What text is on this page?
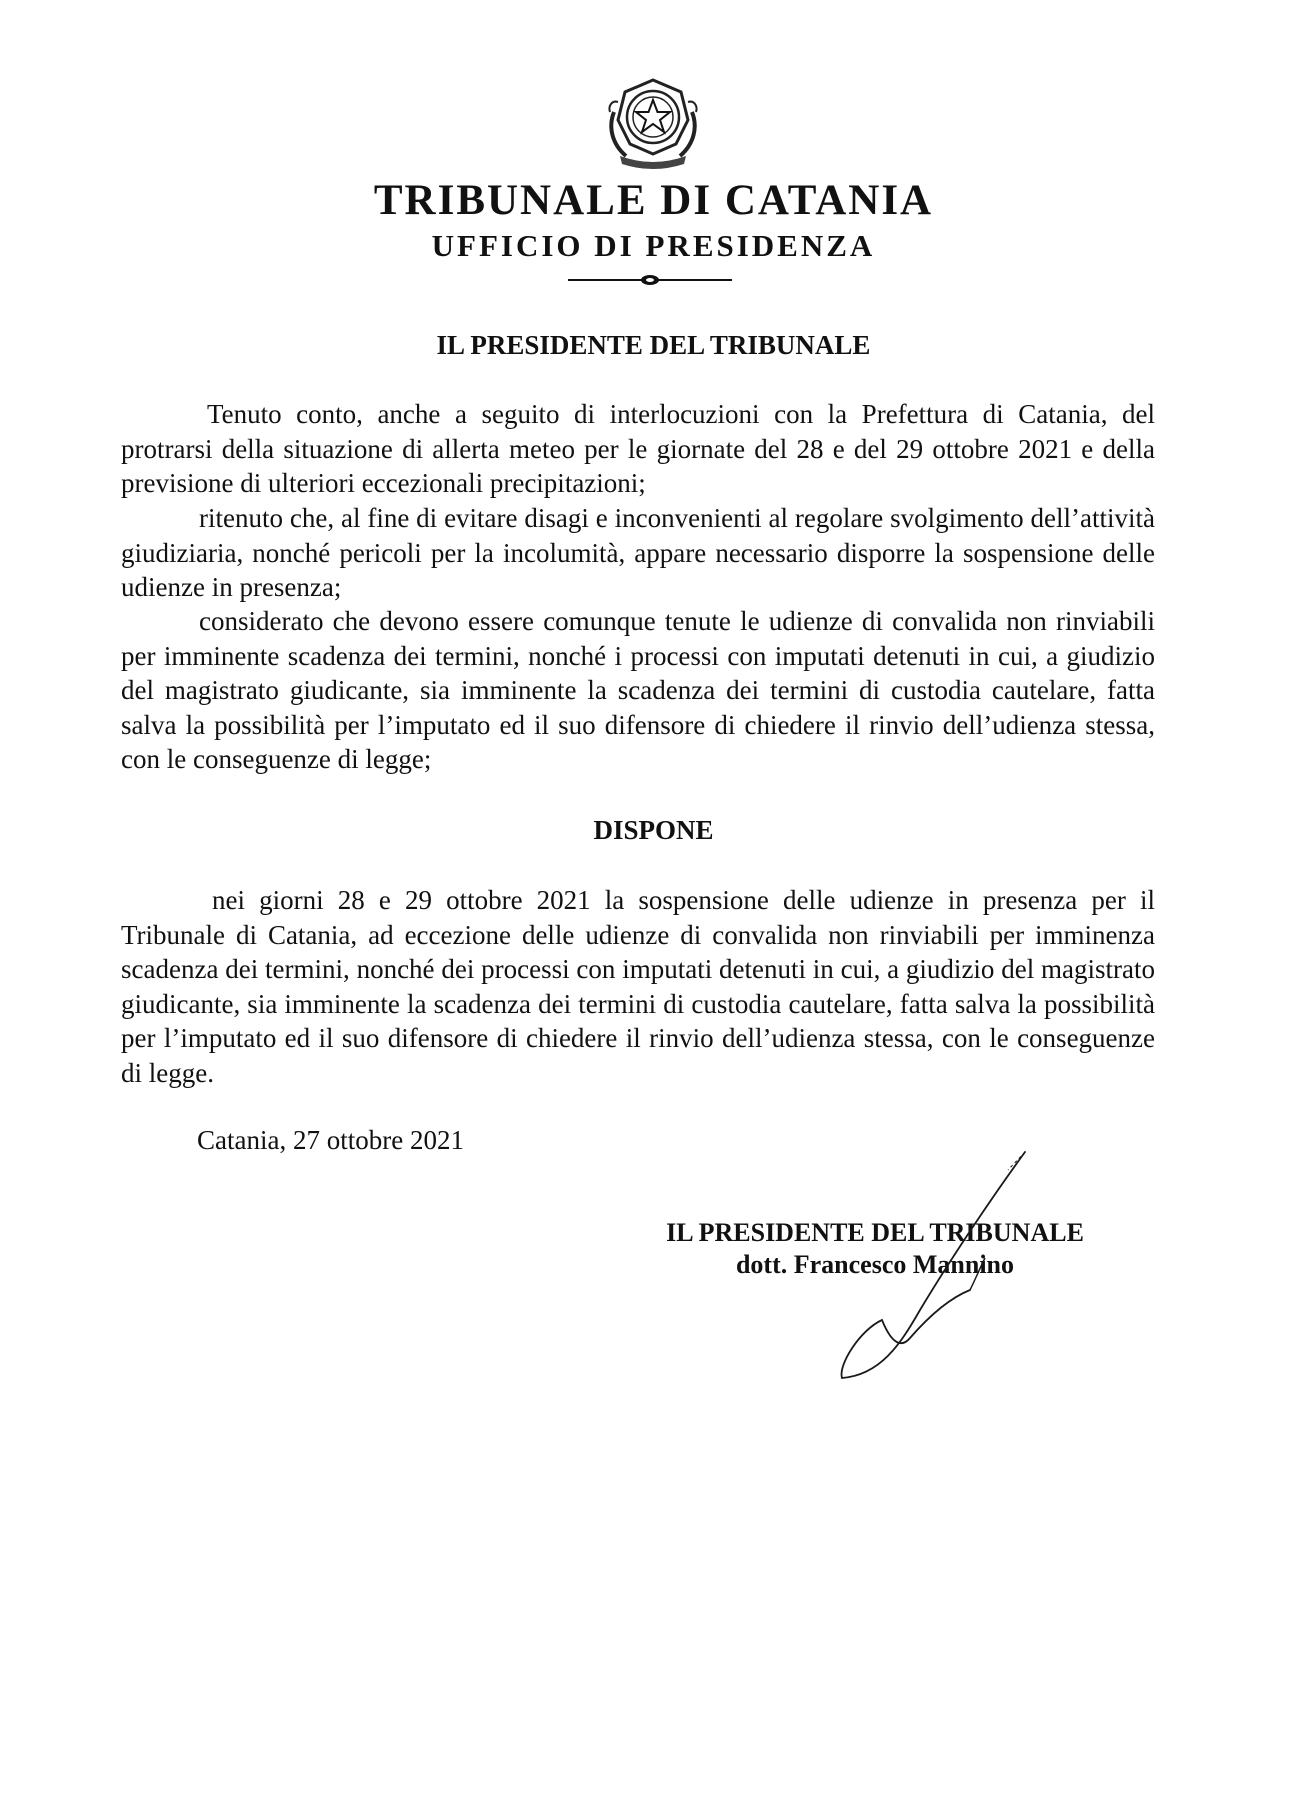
TRIBUNALE DI CATANIA
UFFICIO DI PRESIDENZA
IL PRESIDENTE DEL TRIBUNALE

Tenuto conto, anche a seguito di interlocuzioni con la Prefettura di Catania, del protrarsi della situazione di allerta meteo per le giornate del 28 e del 29 ottobre 2021 e della previsione di ulteriori eccezionali precipitazioni;

ritenuto che, al fine di evitare disagi e inconvenienti al regolare svolgimento dell’attività giudiziaria, nonché pericoli per la incolumità, appare necessario disporre la sospensione delle udienze in presenza;

considerato che devono essere comunque tenute le udienze di convalida non rinviabili per imminente scadenza dei termini, nonché i processi con imputati detenuti in cui, a giudizio del magistrato giudicante, sia imminente la scadenza dei termini di custodia cautelare, fatta salva la possibilità per l’imputato ed il suo difensore di chiedere il rinvio dell’udienza stessa, con le conseguenze di legge;

DISPONE

nei giorni 28 e 29 ottobre 2021 la sospensione delle udienze in presenza per il Tribunale di Catania, ad eccezione delle udienze di convalida non rinviabili per imminenza scadenza dei termini, nonché dei processi con imputati detenuti in cui, a giudizio del magistrato giudicante, sia imminente la scadenza dei termini di custodia cautelare, fatta salva la possibilità per l’imputato ed il suo difensore di chiedere il rinvio dell’udienza stessa, con le conseguenze di legge.

Catania, 27 ottobre 2021

IL PRESIDENTE DEL TRIBUNALE
dott. Francesco Mannino
